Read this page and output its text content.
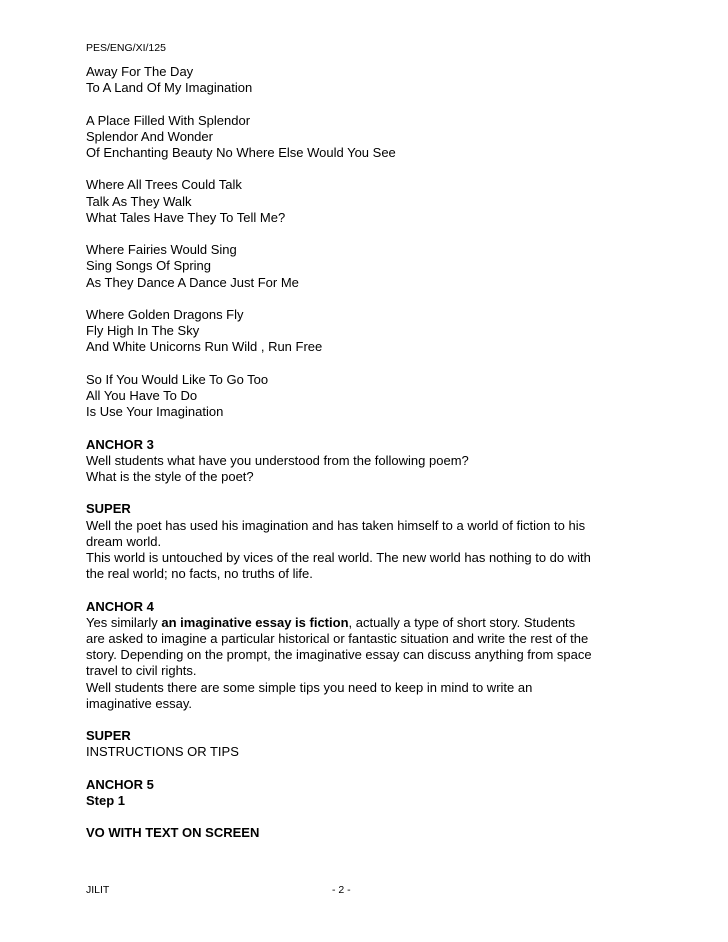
PES/ENG/XI/125
Away For The Day
To A Land Of My Imagination
A Place Filled With Splendor
Splendor And Wonder
Of Enchanting Beauty No Where Else Would You See
Where All Trees Could Talk
Talk As They Walk
What Tales Have They To Tell Me?
Where Fairies Would Sing
Sing Songs Of Spring
As They Dance A Dance Just For Me
Where Golden Dragons Fly
Fly High In The Sky
And White Unicorns Run Wild , Run Free
So If You Would Like To Go Too
All You Have To Do
Is Use Your Imagination
ANCHOR 3
Well students what have you understood from the following poem?
What is the style of the poet?
SUPER
Well the poet has used his imagination and has taken himself to a world of fiction to his
dream world.
This world is untouched by vices of the real world. The new world has nothing to do with
the real world; no facts, no truths of life.
ANCHOR 4
Yes similarly an imaginative essay is fiction, actually a type of short story. Students
are asked to imagine a particular historical or fantastic situation and write the rest of the
story. Depending on the prompt, the imaginative essay can discuss anything from space
travel to civil rights.
Well students there are some simple tips you need to keep in mind to write an
imaginative essay.
SUPER
INSTRUCTIONS OR TIPS
ANCHOR 5
Step 1
VO WITH TEXT ON SCREEN
JILIT	- 2 -
